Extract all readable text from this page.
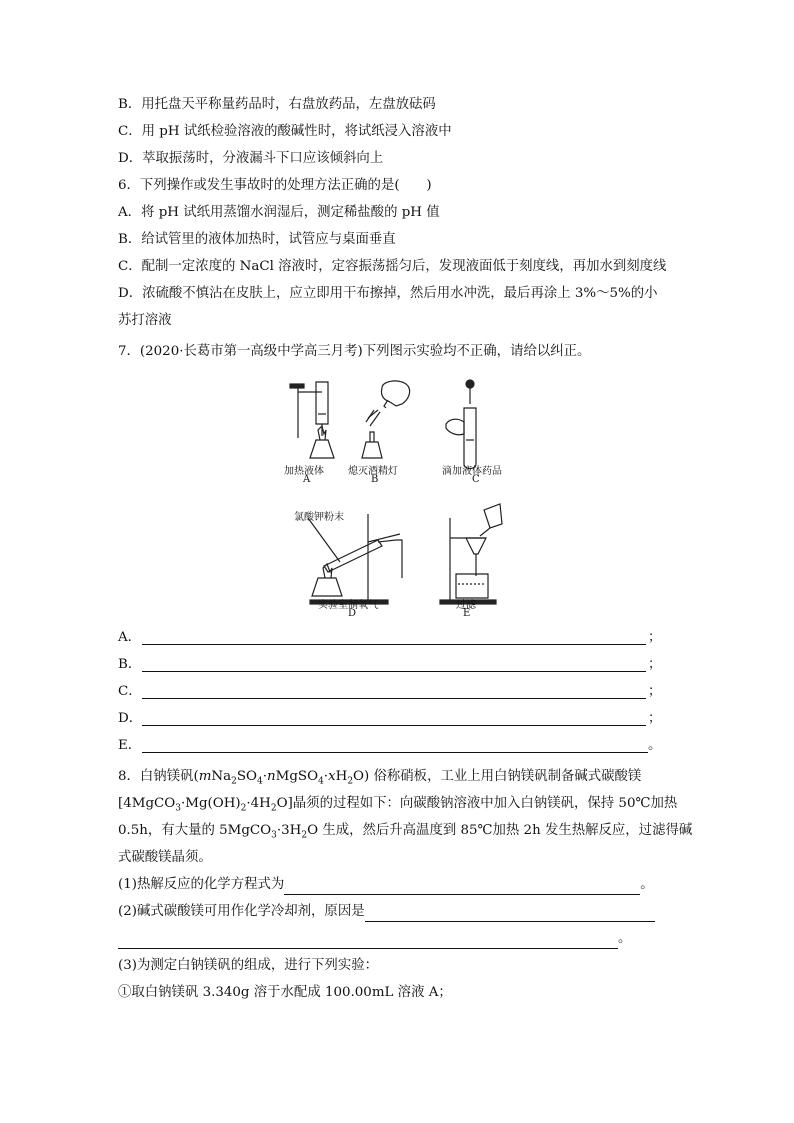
B．用托盘天平称量药品时，右盘放药品，左盘放砝码
C．用 pH 试纸检验溶液的酸碱性时，将试纸浸入溶液中
D．萃取振荡时，分液漏斗下口应该倾斜向上
6．下列操作或发生事故时的处理方法正确的是(　　)
A．将 pH 试纸用蒸馏水润湿后，测定稀盐酸的 pH 值
B．给试管里的液体加热时，试管应与桌面垂直
C．配制一定浓度的 NaCl 溶液时，定容振荡摇匀后，发现液面低于刻度线，再加水到刻度线
D．浓硫酸不慎沾在皮肤上，应立即用干布擦掉，然后用水冲洗，最后再涂上 3%～5%的小
苏打溶液
7．(2020·长葛市第一高级中学高三月考)下列图示实验均不正确，请给以纠正。
加热液体
A
熄灭酒精灯
B
滴加液体药品
C
氯酸钾粉末
实验室制氧气
D
过滤
E
A．	；
B．	；
C．	；
D．	；
E．	。
8．白钠镁矾$(mNa_2SO_4\cdot nMgSO_4\cdot xH_2O)$ 俗称硝板，工业上用白钠镁矾制备碱式碳酸镁
$[4MgCO_3\cdot Mg(OH)_2\cdot 4H_2O]$晶须的过程如下：向碳酸钠溶液中加入白钠镁矾，保持 50℃加热
0.5h，有大量的 $5MgCO_3\cdot 3H_2O$ 生成，然后升高温度到 85℃加热 2h 发生热解反应，过滤得碱
式碳酸镁晶须。
(1)热解反应的化学方程式为	。
(2)碱式碳酸镁可用作化学冷却剂，原因是
。
(3)为测定白钠镁矾的组成，进行下列实验：
①取白钠镁矾 3.340g 溶于水配成 100.00mL 溶液 A；
